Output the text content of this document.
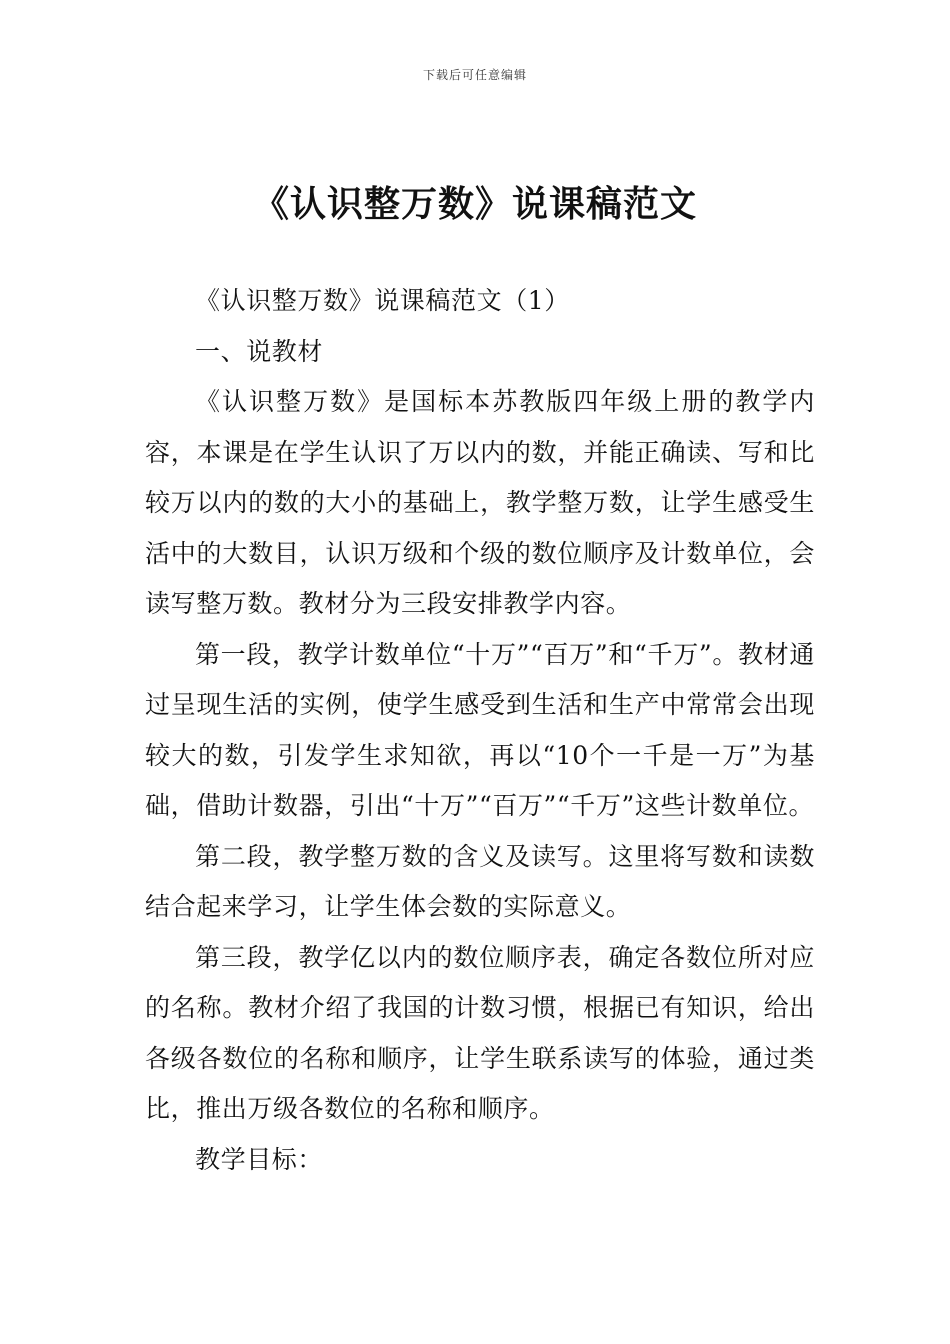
下载后可任意编辑
《认识整万数》说课稿范文

《认识整万数》说课稿范文（1）

一、说教材

《认识整万数》是国标本苏教版四年级上册的教学内容，本课是在学生认识了万以内的数，并能正确读、写和比较万以内的数的大小的基础上，教学整万数，让学生感受生活中的大数目，认识万级和个级的数位顺序及计数单位，会读写整万数。教材分为三段安排教学内容。

第一段，教学计数单位“十万”“百万”和“千万”。教材通过呈现生活的实例，使学生感受到生活和生产中常常会出现较大的数，引发学生求知欲，再以“10个一千是一万”为基础，借助计数器，引出“十万”“百万”“千万”这些计数单位。

第二段，教学整万数的含义及读写。这里将写数和读数结合起来学习，让学生体会数的实际意义。

第三段，教学亿以内的数位顺序表，确定各数位所对应的名称。教材介绍了我国的计数习惯，根据已有知识，给出各级各数位的名称和顺序，让学生联系读写的体验，通过类比，推出万级各数位的名称和顺序。

教学目标：
